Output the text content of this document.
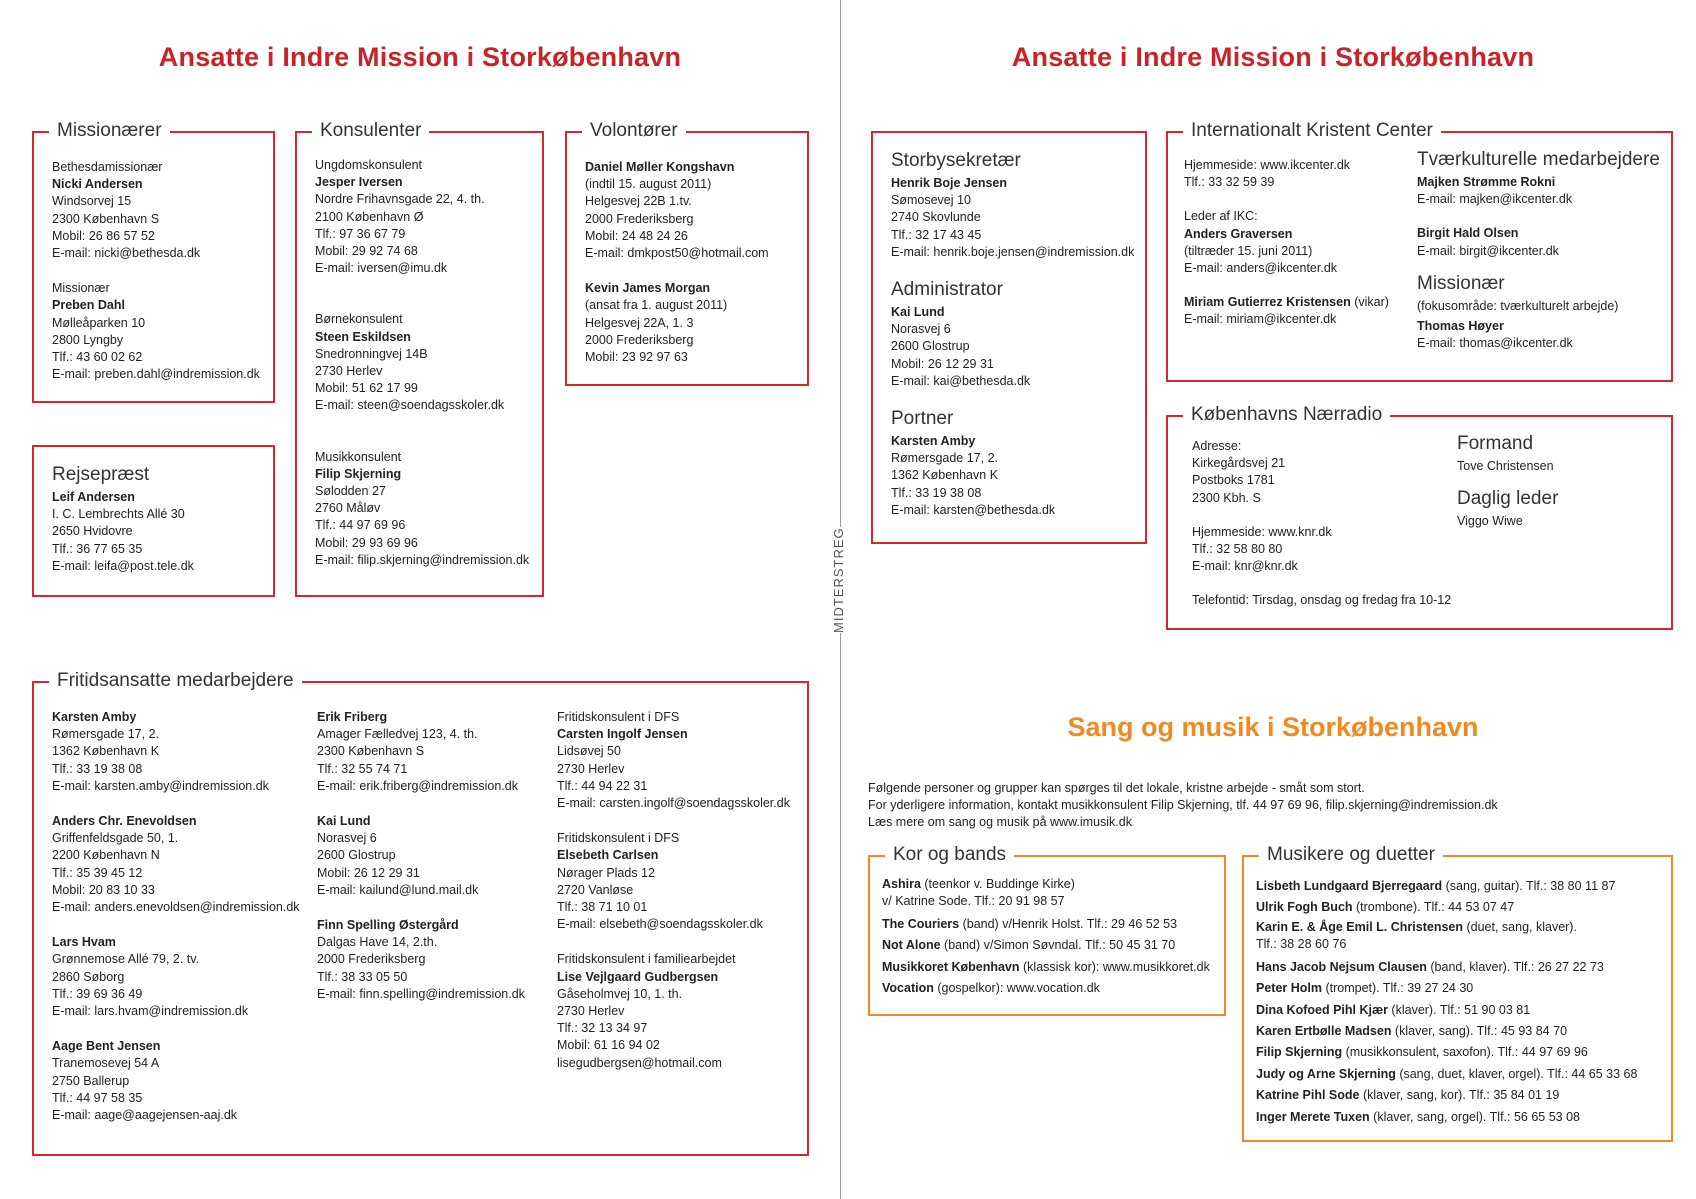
Ansatte i Indre Mission i Storkøbenhavn	Ansatte i Indre Mission i Storkøbenhavn
MIDTERSTREG
Missionærer
Bethesdamissionær
Nicki Andersen
Windsorvej 15
2300 København S
Mobil: 26 86 57 52
E-mail: nicki@bethesda.dk
Missionær
Preben Dahl
Mølleåparken 10
2800 Lyngby
Tlf.: 43 60 02 62
E-mail: preben.dahl@indremission.dk
Rejsepræst
Leif Andersen
I. C. Lembrechts Allé 30
2650 Hvidovre
Tlf.: 36 77 65 35
E-mail: leifa@post.tele.dk
Konsulenter
Ungdomskonsulent
Jesper Iversen
Nordre Frihavnsgade 22, 4. th.
2100 København Ø
Tlf.: 97 36 67 79
Mobil: 29 92 74 68
E-mail: iversen@imu.dk
Børnekonsulent
Steen Eskildsen
Snedronningvej 14B
2730 Herlev
Mobil: 51 62 17 99
E-mail: steen@soendagsskoler.dk
Musikkonsulent
Filip Skjerning
Sølodden 27
2760 Måløv
Tlf.: 44 97 69 96
Mobil: 29 93 69 96
E-mail: filip.skjerning@indremission.dk
Volontører
Daniel Møller Kongshavn
(indtil 15. august 2011)
Helgesvej 22B 1.tv.
2000 Frederiksberg
Mobil: 24 48 24 26
E-mail: dmkpost50@hotmail.com
Kevin James Morgan
(ansat fra 1. august 2011)
Helgesvej 22A, 1. 3
2000 Frederiksberg
Mobil: 23 92 97 63
Fritidsansatte medarbejdere
Karsten Amby
Rømersgade 17, 2.
1362 København K
Tlf.: 33 19 38 08
E-mail: karsten.amby@indremission.dk
Anders Chr. Enevoldsen
Griffenfeldsgade 50, 1.
2200 København N
Tlf.: 35 39 45 12
Mobil: 20 83 10 33
E-mail: anders.enevoldsen@indremission.dk
Lars Hvam
Grønnemose Allé 79, 2. tv.
2860 Søborg
Tlf.: 39 69 36 49
E-mail: lars.hvam@indremission.dk
Aage Bent Jensen
Tranemosevej 54 A
2750 Ballerup
Tlf.: 44 97 58 35
E-mail: aage@aagejensen-aaj.dk
Erik Friberg
Amager Fælledvej 123, 4. th.
2300 København S
Tlf.: 32 55 74 71
E-mail: erik.friberg@indremission.dk
Kai Lund
Norasvej 6
2600 Glostrup
Mobil: 26 12 29 31
E-mail: kailund@lund.mail.dk
Finn Spelling Østergård
Dalgas Have 14, 2.th.
2000 Frederiksberg
Tlf.: 38 33 05 50
E-mail: finn.spelling@indremission.dk
Fritidskonsulent i DFS
Carsten Ingolf Jensen
Lidsøvej 50
2730 Herlev
Tlf.: 44 94 22 31
E-mail: carsten.ingolf@soendagsskoler.dk
Fritidskonsulent i DFS
Elsebeth Carlsen
Nørager Plads 12
2720 Vanløse
Tlf.: 38 71 10 01
E-mail: elsebeth@soendagsskoler.dk
Fritidskonsulent i familiearbejdet
Lise Vejlgaard Gudbergsen
Gåseholmvej 10, 1. th.
2730 Herlev
Tlf.: 32 13 34 97
Mobil: 61 16 94 02
lisegudbergsen@hotmail.com
Storbysekretær
Henrik Boje Jensen
Sømosevej 10
2740 Skovlunde
Tlf.: 32 17 43 45
E-mail: henrik.boje.jensen@indremission.dk
Administrator
Kai Lund
Norasvej 6
2600 Glostrup
Mobil: 26 12 29 31
E-mail: kai@bethesda.dk
Portner
Karsten Amby
Rømersgade 17, 2.
1362 København K
Tlf.: 33 19 38 08
E-mail: karsten@bethesda.dk
Internationalt Kristent Center
Hjemmeside: www.ikcenter.dk
Tlf.: 33 32 59 39
Leder af IKC:
Anders Graversen
(tiltræder 15. juni 2011)
E-mail: anders@ikcenter.dk
Miriam Gutierrez Kristensen (vikar)
E-mail: miriam@ikcenter.dk
Tværkulturelle medarbejdere
Majken Strømme Rokni
E-mail: majken@ikcenter.dk
Birgit Hald Olsen
E-mail: birgit@ikcenter.dk
Missionær
(fokusområde: tværkulturelt arbejde)
Thomas Høyer
E-mail: thomas@ikcenter.dk
Københavns Nærradio
Adresse:
Kirkegårdsvej 21
Postboks 1781
2300 Kbh. S
Hjemmeside: www.knr.dk
Tlf.: 32 58 80 80
E-mail: knr@knr.dk
Telefontid: Tirsdag, onsdag og fredag fra 10-12
Formand
Tove Christensen
Daglig leder
Viggo Wiwe
Sang og musik i Storkøbenhavn
Følgende personer og grupper kan spørges til det lokale, kristne arbejde - småt som stort.
For yderligere information, kontakt musikkonsulent Filip Skjerning, tlf. 44 97 69 96, filip.skjerning@indremission.dk
Læs mere om sang og musik på www.imusik.dk
Kor og bands
Ashira (teenkor v. Buddinge Kirke)
v/ Katrine Sode. Tlf.: 20 91 98 57
The Couriers (band) v/Henrik Holst. Tlf.: 29 46 52 53
Not Alone (band) v/Simon Søvndal. Tlf.: 50 45 31 70
Musikkoret København (klassisk kor): www.musikkoret.dk
Vocation (gospelkor): www.vocation.dk
Musikere og duetter
Lisbeth Lundgaard Bjerregaard (sang, guitar). Tlf.: 38 80 11 87
Ulrik Fogh Buch (trombone). Tlf.: 44 53 07 47
Karin E. & Åge Emil L. Christensen (duet, sang, klaver).
Tlf.: 38 28 60 76
Hans Jacob Nejsum Clausen (band, klaver). Tlf.: 26 27 22 73
Peter Holm (trompet). Tlf.: 39 27 24 30
Dina Kofoed Pihl Kjær (klaver). Tlf.: 51 90 03 81
Karen Ertbølle Madsen (klaver, sang). Tlf.: 45 93 84 70
Filip Skjerning (musikkonsulent, saxofon). Tlf.: 44 97 69 96
Judy og Arne Skjerning (sang, duet, klaver, orgel). Tlf.: 44 65 33 68
Katrine Pihl Sode (klaver, sang, kor). Tlf.: 35 84 01 19
Inger Merete Tuxen (klaver, sang, orgel). Tlf.: 56 65 53 08
